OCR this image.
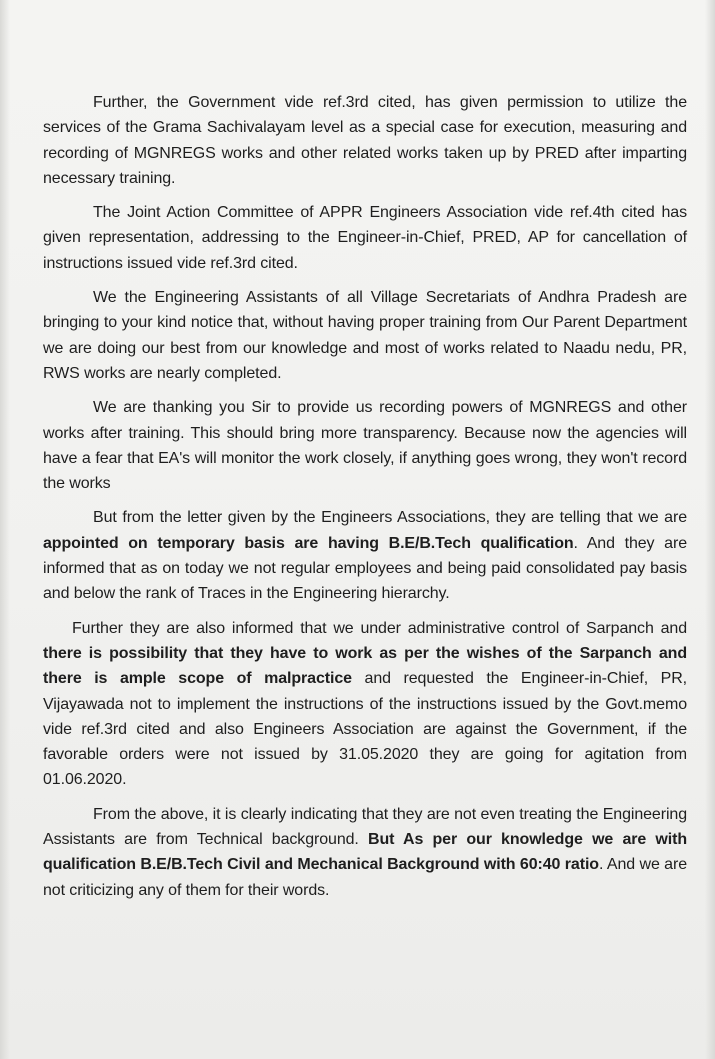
Further, the Government vide ref.3rd cited, has given permission to utilize the services of the Grama Sachivalayam level as a special case for execution, measuring and recording of MGNREGS works and other related works taken up by PRED after imparting necessary training.

The Joint Action Committee of APPR Engineers Association vide ref.4th cited has given representation, addressing to the Engineer-in-Chief, PRED, AP for cancellation of instructions issued vide ref.3rd cited.

We the Engineering Assistants of all Village Secretariats of Andhra Pradesh are bringing to your kind notice that, without having proper training from Our Parent Department we are doing our best from our knowledge and most of works related to Naadu nedu, PR, RWS works are nearly completed.

We are thanking you Sir to provide us recording powers of MGNREGS and other works after training. This should bring more transparency. Because now the agencies will have a fear that EA's will monitor the work closely, if anything goes wrong, they won't record the works

But from the letter given by the Engineers Associations, they are telling that we are appointed on temporary basis are having B.E/B.Tech qualification. And they are informed that as on today we not regular employees and being paid consolidated pay basis and below the rank of Traces in the Engineering hierarchy.

Further they are also informed that we under administrative control of Sarpanch and there is possibility that they have to work as per the wishes of the Sarpanch and there is ample scope of malpractice and requested the Engineer-in-Chief, PR, Vijayawada not to implement the instructions of the instructions issued by the Govt.memo vide ref.3rd cited and also Engineers Association are against the Government, if the favorable orders were not issued by 31.05.2020 they are going for agitation from 01.06.2020.

From the above, it is clearly indicating that they are not even treating the Engineering Assistants are from Technical background. But As per our knowledge we are with qualification B.E/B.Tech Civil and Mechanical Background with 60:40 ratio. And we are not criticizing any of them for their words.
